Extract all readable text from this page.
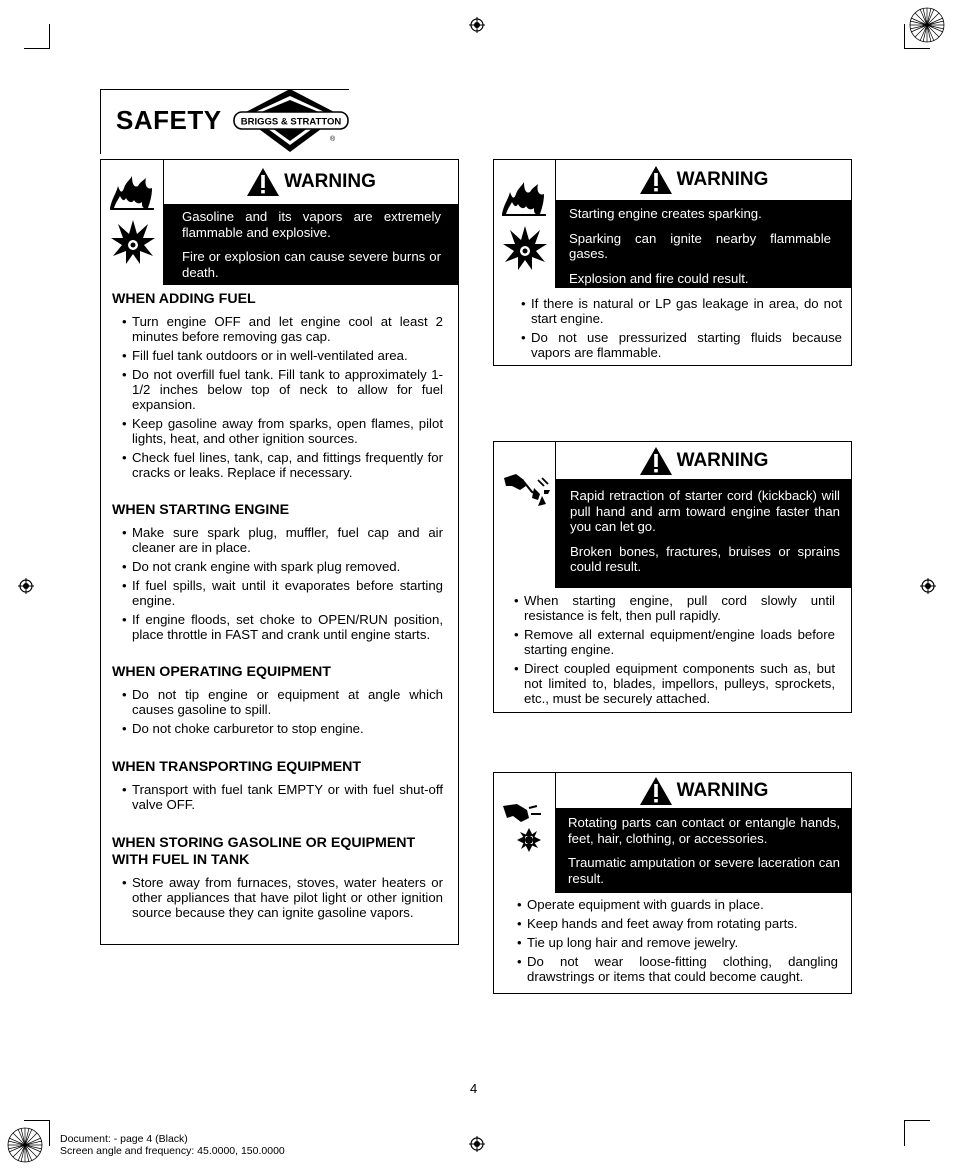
SAFETY BRIGGS & STRATTON
®
WARNING

Gasoline and its vapors are extremely flammable and explosive.

Fire or explosion can cause severe burns or death.

WHEN ADDING FUEL
• Turn engine OFF and let engine cool at least 2 minutes before removing gas cap.
• Fill fuel tank outdoors or in well-ventilated area.
• Do not overfill fuel tank. Fill tank to approximately 1-1/2 inches below top of neck to allow for fuel expansion.
• Keep gasoline away from sparks, open flames, pilot lights, heat, and other ignition sources.
• Check fuel lines, tank, cap, and fittings frequently for cracks or leaks. Replace if necessary.
WHEN STARTING ENGINE
• Make sure spark plug, muffler, fuel cap and air cleaner are in place.
• Do not crank engine with spark plug removed.
• If fuel spills, wait until it evaporates before starting engine.
• If engine floods, set choke to OPEN/RUN position, place throttle in FAST and crank until engine starts.
WHEN OPERATING EQUIPMENT
• Do not tip engine or equipment at angle which causes gasoline to spill.
• Do not choke carburetor to stop engine.
WHEN TRANSPORTING EQUIPMENT
• Transport with fuel tank EMPTY or with fuel shut-off valve OFF.
WHEN STORING GASOLINE OR EQUIPMENT WITH FUEL IN TANK
• Store away from furnaces, stoves, water heaters or other appliances that have pilot light or other ignition source because they can ignite gasoline vapors.
WARNING

Starting engine creates sparking.

Sparking can ignite nearby flammable gases.

Explosion and fire could result.

• If there is natural or LP gas leakage in area, do not start engine.
• Do not use pressurized starting fluids because vapors are flammable.
WARNING

Rapid retraction of starter cord (kickback) will pull hand and arm toward engine faster than you can let go.

Broken bones, fractures, bruises or sprains could result.

• When starting engine, pull cord slowly until resistance is felt, then pull rapidly.
• Remove all external equipment/engine loads before starting engine.
• Direct coupled equipment components such as, but not limited to, blades, impellors, pulleys, sprockets, etc., must be securely attached.
WARNING

Rotating parts can contact or entangle hands, feet, hair, clothing, or accessories.

Traumatic amputation or severe laceration can result.

• Operate equipment with guards in place.
• Keep hands and feet away from rotating parts.
• Tie up long hair and remove jewelry.
• Do not wear loose-fitting clothing, dangling drawstrings or items that could become caught.
4
Document: - page 4 (Black)
Screen angle and frequency: 45.0000, 150.0000
